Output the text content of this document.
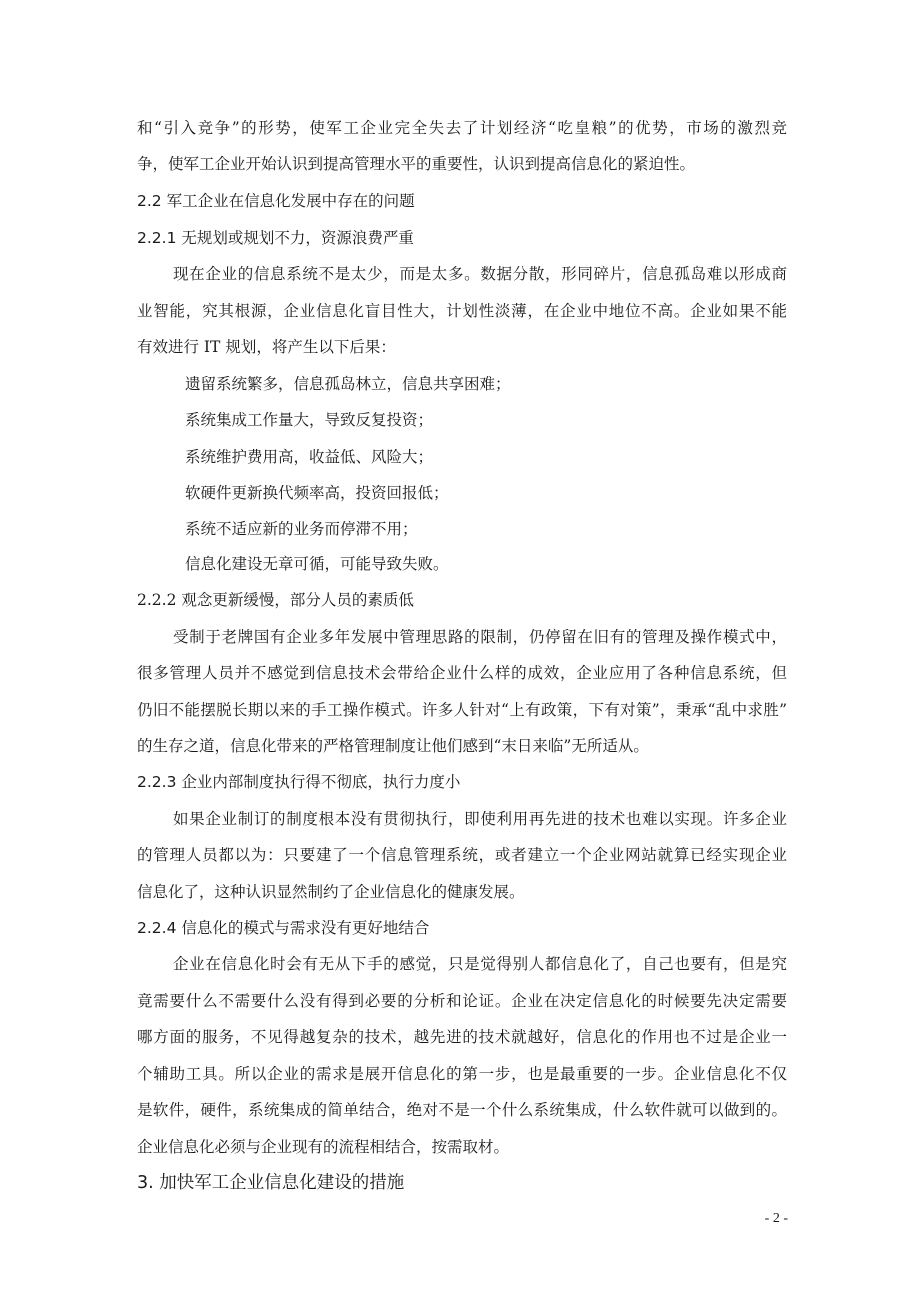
和“引入竞争”的形势，使军工企业完全失去了计划经济“吃皇粮”的优势，市场的激烈竞
争，使军工企业开始认识到提高管理水平的重要性，认识到提高信息化的紧迫性。
2.2 军工企业在信息化发展中存在的问题
2.2.1 无规划或规划不力，资源浪费严重
现在企业的信息系统不是太少，而是太多。数据分散，形同碎片，信息孤岛难以形成商
业智能，究其根源，企业信息化盲目性大，计划性淡薄，在企业中地位不高。企业如果不能
有效进行 IT 规划，将产生以下后果：
遗留系统繁多，信息孤岛林立，信息共享困难；
系统集成工作量大，导致反复投资；
系统维护费用高，收益低、风险大；
软硬件更新换代频率高，投资回报低；
系统不适应新的业务而停滞不用；
信息化建设无章可循，可能导致失败。
2.2.2 观念更新缓慢，部分人员的素质低
受制于老牌国有企业多年发展中管理思路的限制，仍停留在旧有的管理及操作模式中，
很多管理人员并不感觉到信息技术会带给企业什么样的成效，企业应用了各种信息系统，但
仍旧不能摆脱长期以来的手工操作模式。许多人针对“上有政策，下有对策”，秉承“乱中求胜”
的生存之道，信息化带来的严格管理制度让他们感到“末日来临”无所适从。
2.2.3 企业内部制度执行得不彻底，执行力度小
如果企业制订的制度根本没有贯彻执行，即使利用再先进的技术也难以实现。许多企业
的管理人员都以为：只要建了一个信息管理系统，或者建立一个企业网站就算已经实现企业
信息化了，这种认识显然制约了企业信息化的健康发展。
2.2.4 信息化的模式与需求没有更好地结合
企业在信息化时会有无从下手的感觉，只是觉得别人都信息化了，自己也要有，但是究
竟需要什么不需要什么没有得到必要的分析和论证。企业在决定信息化的时候要先决定需要
哪方面的服务，不见得越复杂的技术，越先进的技术就越好，信息化的作用也不过是企业一
个辅助工具。所以企业的需求是展开信息化的第一步，也是最重要的一步。企业信息化不仅
是软件，硬件，系统集成的简单结合，绝对不是一个什么系统集成，什么软件就可以做到的。
企业信息化必须与企业现有的流程相结合，按需取材。
3. 加快军工企业信息化建设的措施
- 2 -
